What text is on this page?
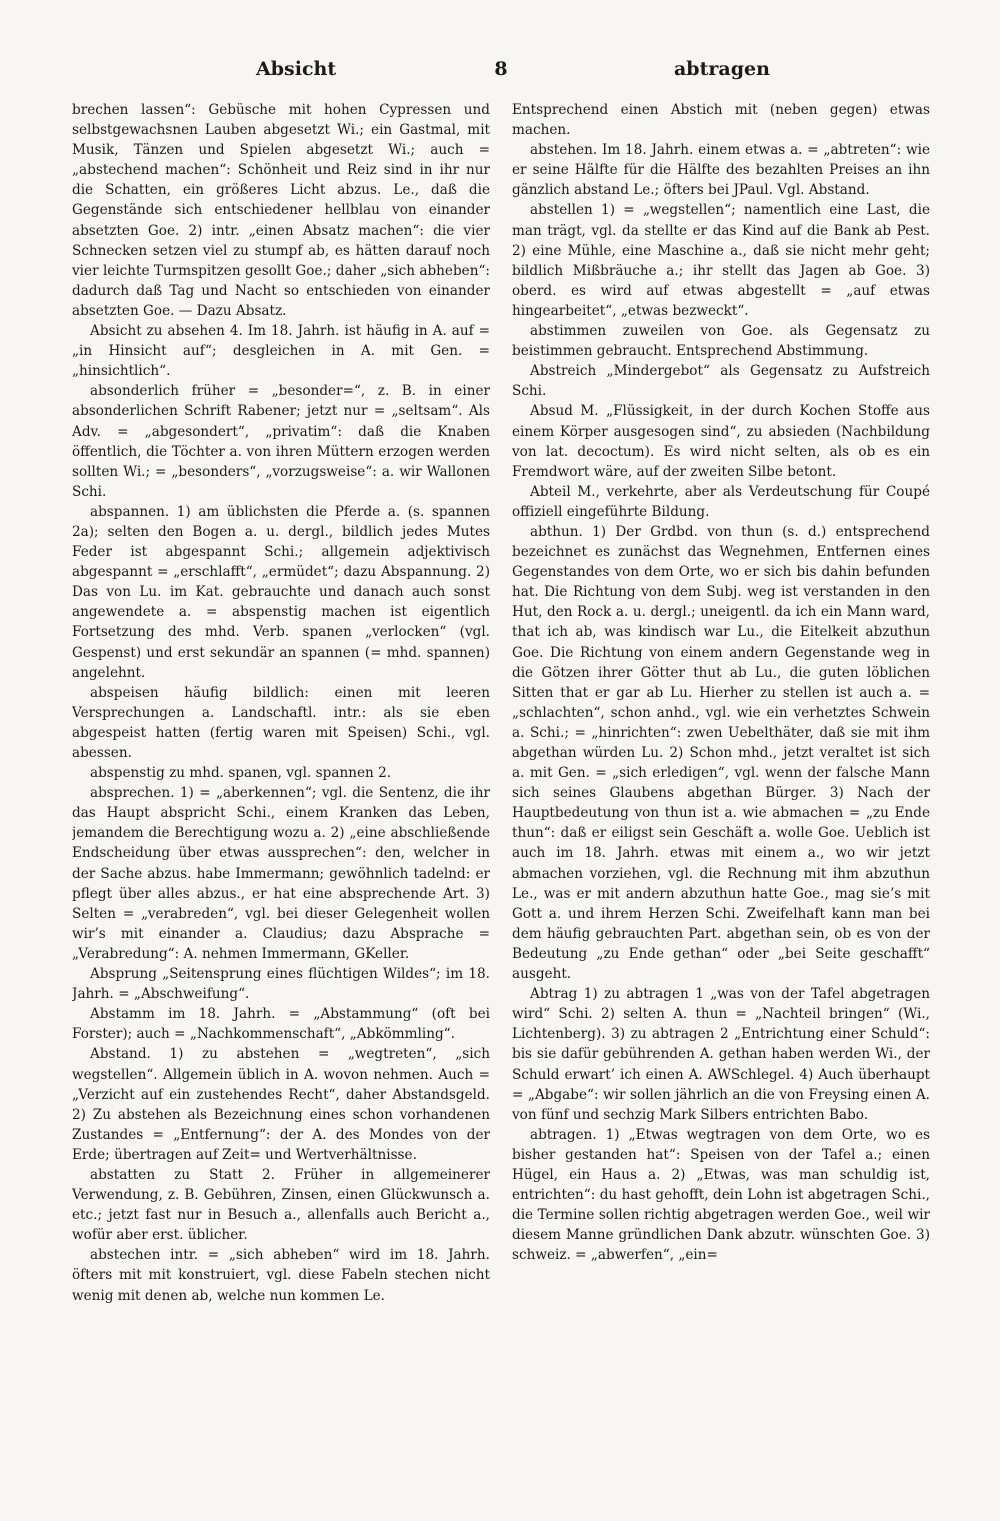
Absicht	8	abtragen

brechen lassen“: Gebüsche mit hohen Cypressen und selbstgewachsnen Lauben abgesetzt Wi.; ein Gastmal, mit Musik, Tänzen und Spielen abgesetzt Wi.; auch = „abstechend machen“: Schönheit und Reiz sind in ihr nur die Schatten, ein größeres Licht abzus. Le., daß die Gegenstände sich entschiedener hellblau von einander absetzten Goe. 2) intr. „einen Absatz machen“: die vier Schnecken setzen viel zu stumpf ab, es hätten darauf noch vier leichte Turmspitzen gesollt Goe.; daher „sich abheben“: dadurch daß Tag und Nacht so entschieden von einander absetzten Goe. — Dazu Absatz.

Absicht zu absehen 4. Im 18. Jahrh. ist häufig in A. auf = „in Hinsicht auf“; desgleichen in A. mit Gen. = „hinsichtlich“.

absonderlich früher = „besonder=“, z. B. in einer absonderlichen Schrift Rabener; jetzt nur = „seltsam“. Als Adv. = „abgesondert“, „privatim“: daß die Knaben öffentlich, die Töchter a. von ihren Müttern erzogen werden sollten Wi.; = „besonders“, „vorzugsweise“: a. wir Wallonen Schi.

abspannen. 1) am üblichsten die Pferde a. (s. spannen 2a); selten den Bogen a. u. dergl., bildlich jedes Mutes Feder ist abgespannt Schi.; allgemein adjektivisch abgespannt = „erschlafft“, „ermüdet“; dazu Abspannung. 2) Das von Lu. im Kat. gebrauchte und danach auch sonst angewendete a. = abspenstig machen ist eigentlich Fortsetzung des mhd. Verb. spanen „verlocken“ (vgl. Gespenst) und erst sekundär an spannen (= mhd. spannen) angelehnt.

abspeisen häufig bildlich: einen mit leeren Versprechungen a. Landschaftl. intr.: als sie eben abgespeist hatten (fertig waren mit Speisen) Schi., vgl. abessen.

abspenstig zu mhd. spanen, vgl. spannen 2.

absprechen. 1) = „aberkennen“; vgl. die Sentenz, die ihr das Haupt abspricht Schi., einem Kranken das Leben, jemandem die Berechtigung wozu a. 2) „eine abschließende Endscheidung über etwas aussprechen“: den, welcher in der Sache abzus. habe Immermann; gewöhnlich tadelnd: er pflegt über alles abzus., er hat eine absprechende Art. 3) Selten = „verabreden“, vgl. bei dieser Gelegenheit wollen wir’s mit einander a. Claudius; dazu Absprache = „Verabredung“: A. nehmen Immermann, GKeller.

Absprung „Seitensprung eines flüchtigen Wildes“; im 18. Jahrh. = „Abschweifung“.

Abstamm im 18. Jahrh. = „Abstammung“ (oft bei Forster); auch = „Nachkommenschaft“, „Abkömmling“.

Abstand. 1) zu abstehen = „wegtreten“, „sich wegstellen“. Allgemein üblich in A. wovon nehmen. Auch = „Verzicht auf ein zustehendes Recht“, daher Abstandsgeld. 2) Zu abstehen als Bezeichnung eines schon vorhandenen Zustandes = „Entfernung“: der A. des Mondes von der Erde; übertragen auf Zeit= und Wertverhältnisse.

abstatten zu Statt 2. Früher in allgemeinerer Verwendung, z. B. Gebühren, Zinsen, einen Glückwunsch a. etc.; jetzt fast nur in Besuch a., allenfalls auch Bericht a., wofür aber erst. üblicher.

abstechen intr. = „sich abheben“ wird im 18. Jahrh. öfters mit mit konstruiert, vgl. diese Fabeln stechen nicht wenig mit denen ab, welche nun kommen Le.

Entsprechend einen Abstich mit (neben gegen) etwas machen.

abstehen. Im 18. Jahrh. einem etwas a. = „abtreten“: wie er seine Hälfte für die Hälfte des bezahlten Preises an ihn gänzlich abstand Le.; öfters bei JPaul. Vgl. Abstand.

abstellen 1) = „wegstellen“; namentlich eine Last, die man trägt, vgl. da stellte er das Kind auf die Bank ab Pest. 2) eine Mühle, eine Maschine a., daß sie nicht mehr geht; bildlich Mißbräuche a.; ihr stellt das Jagen ab Goe. 3) oberd. es wird auf etwas abgestellt = „auf etwas hingearbeitet“, „etwas bezweckt“.

abstimmen zuweilen von Goe. als Gegensatz zu beistimmen gebraucht. Entsprechend Abstimmung.

Abstreich „Mindergebot“ als Gegensatz zu Aufstreich Schi.

Absud M. „Flüssigkeit, in der durch Kochen Stoffe aus einem Körper ausgesogen sind“, zu absieden (Nachbildung von lat. decoctum). Es wird nicht selten, als ob es ein Fremdwort wäre, auf der zweiten Silbe betont.

Abteil M., verkehrte, aber als Verdeutschung für Coupé offiziell eingeführte Bildung.

abthun. 1) Der Grdbd. von thun (s. d.) entsprechend bezeichnet es zunächst das Wegnehmen, Entfernen eines Gegenstandes von dem Orte, wo er sich bis dahin befunden hat. Die Richtung von dem Subj. weg ist verstanden in den Hut, den Rock a. u. dergl.; uneigentl. da ich ein Mann ward, that ich ab, was kindisch war Lu., die Eitelkeit abzuthun Goe. Die Richtung von einem andern Gegenstande weg in die Götzen ihrer Götter thut ab Lu., die guten löblichen Sitten that er gar ab Lu. Hierher zu stellen ist auch a. = „schlachten“, schon anhd., vgl. wie ein verhetztes Schwein a. Schi.; = „hinrichten“: zwen Uebelthäter, daß sie mit ihm abgethan würden Lu. 2) Schon mhd., jetzt veraltet ist sich a. mit Gen. = „sich erledigen“, vgl. wenn der falsche Mann sich seines Glaubens abgethan Bürger. 3) Nach der Hauptbedeutung von thun ist a. wie abmachen = „zu Ende thun“: daß er eiligst sein Geschäft a. wolle Goe. Ueblich ist auch im 18. Jahrh. etwas mit einem a., wo wir jetzt abmachen vorziehen, vgl. die Rechnung mit ihm abzuthun Le., was er mit andern abzuthun hatte Goe., mag sie’s mit Gott a. und ihrem Herzen Schi. Zweifelhaft kann man bei dem häufig gebrauchten Part. abgethan sein, ob es von der Bedeutung „zu Ende gethan“ oder „bei Seite geschafft“ ausgeht.

Abtrag 1) zu abtragen 1 „was von der Tafel abgetragen wird“ Schi. 2) selten A. thun = „Nachteil bringen“ (Wi., Lichtenberg). 3) zu abtragen 2 „Entrichtung einer Schuld“: bis sie dafür gebührenden A. gethan haben werden Wi., der Schuld erwart’ ich einen A. AWSchlegel. 4) Auch überhaupt = „Abgabe“: wir sollen jährlich an die von Freysing einen A. von fünf und sechzig Mark Silbers entrichten Babo.

abtragen. 1) „Etwas wegtragen von dem Orte, wo es bisher gestanden hat“: Speisen von der Tafel a.; einen Hügel, ein Haus a. 2) „Etwas, was man schuldig ist, entrichten“: du hast gehofft, dein Lohn ist abgetragen Schi., die Termine sollen richtig abgetragen werden Goe., weil wir diesem Manne gründlichen Dank abzutr. wünschten Goe. 3) schweiz. = „abwerfen“, „ein=
